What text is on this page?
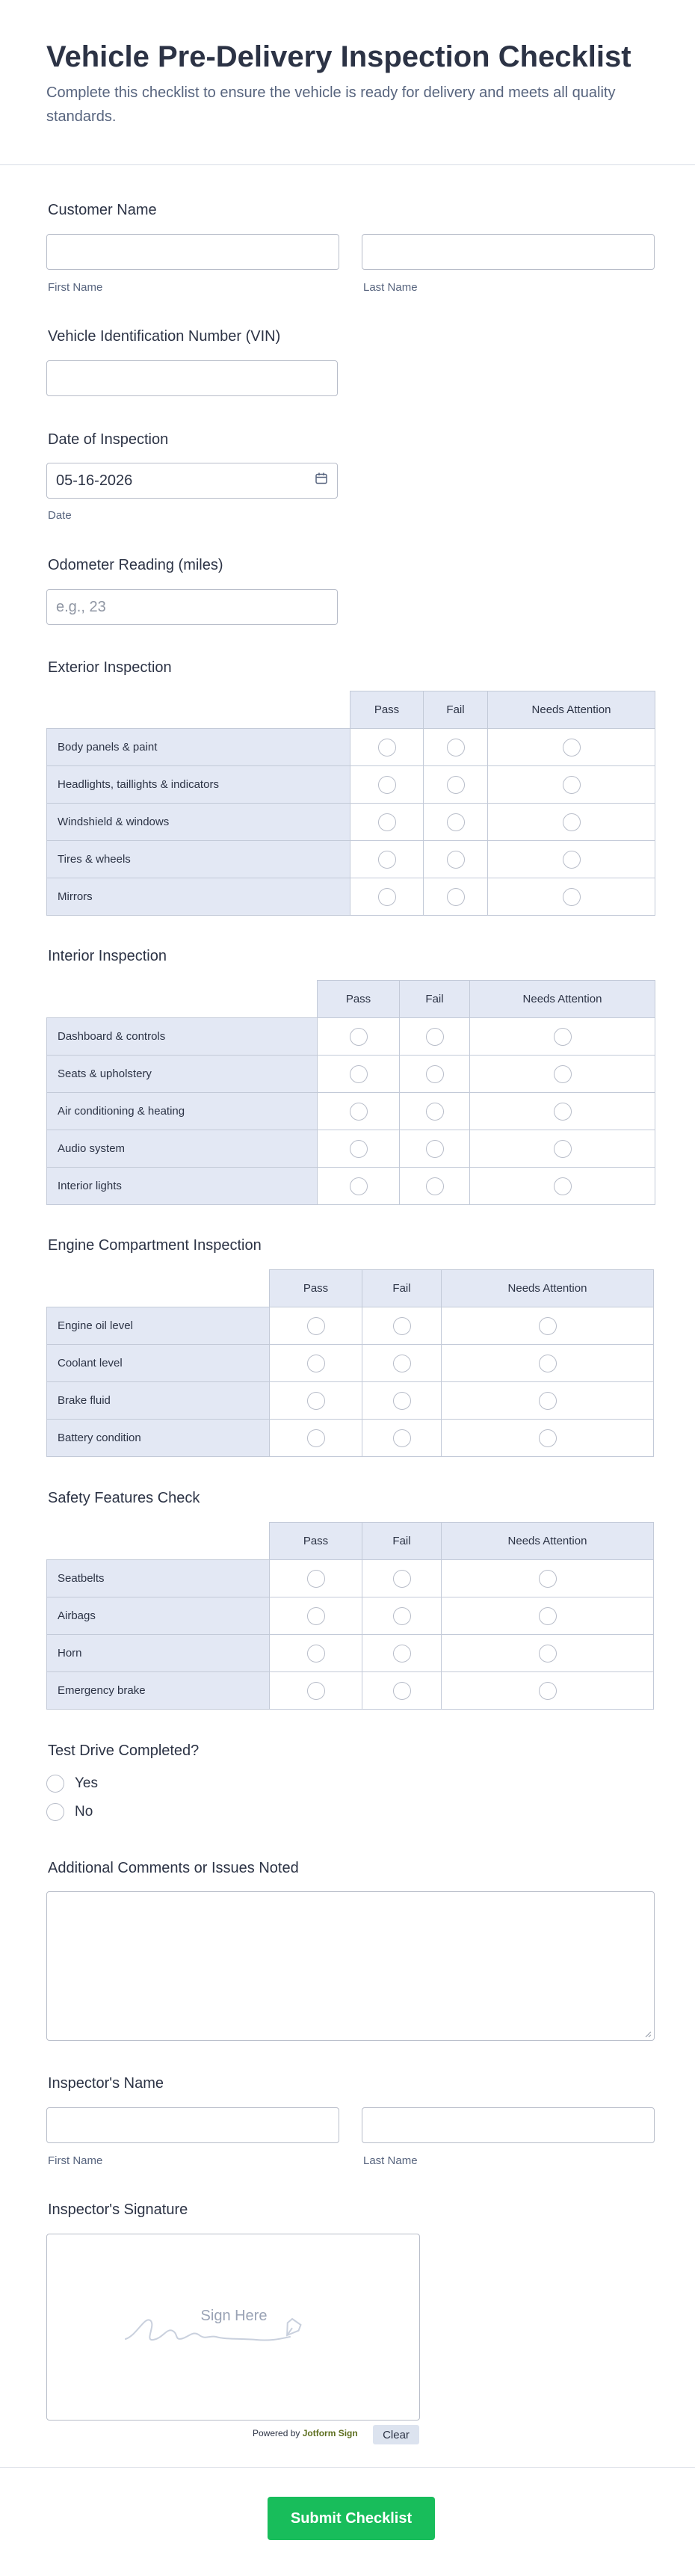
Vehicle Pre-Delivery Inspection Checklist

Complete this checklist to ensure the vehicle is ready for delivery and meets all quality standards.

Customer Name
First Name	Last Name
Vehicle Identification Number (VIN)
Date of Inspection
05-16-2026
Date
Odometer Reading (miles)
e.g., 23
Exterior Inspection
Pass	Fail	Needs Attention
Body panels & paint
Headlights, taillights & indicators
Windshield & windows
Tires & wheels
Mirrors
Interior Inspection
Pass	Fail	Needs Attention
Dashboard & controls
Seats & upholstery
Air conditioning & heating
Audio system
Interior lights
Engine Compartment Inspection
Pass	Fail	Needs Attention
Engine oil level
Coolant level
Brake fluid
Battery condition
Safety Features Check
Pass	Fail	Needs Attention
Seatbelts
Airbags
Horn
Emergency brake
Test Drive Completed?
Yes
No
Additional Comments or Issues Noted
Inspector's Name
First Name	Last Name
Inspector's Signature
Sign Here
Powered by Jotform Sign	Clear
Submit Checklist
